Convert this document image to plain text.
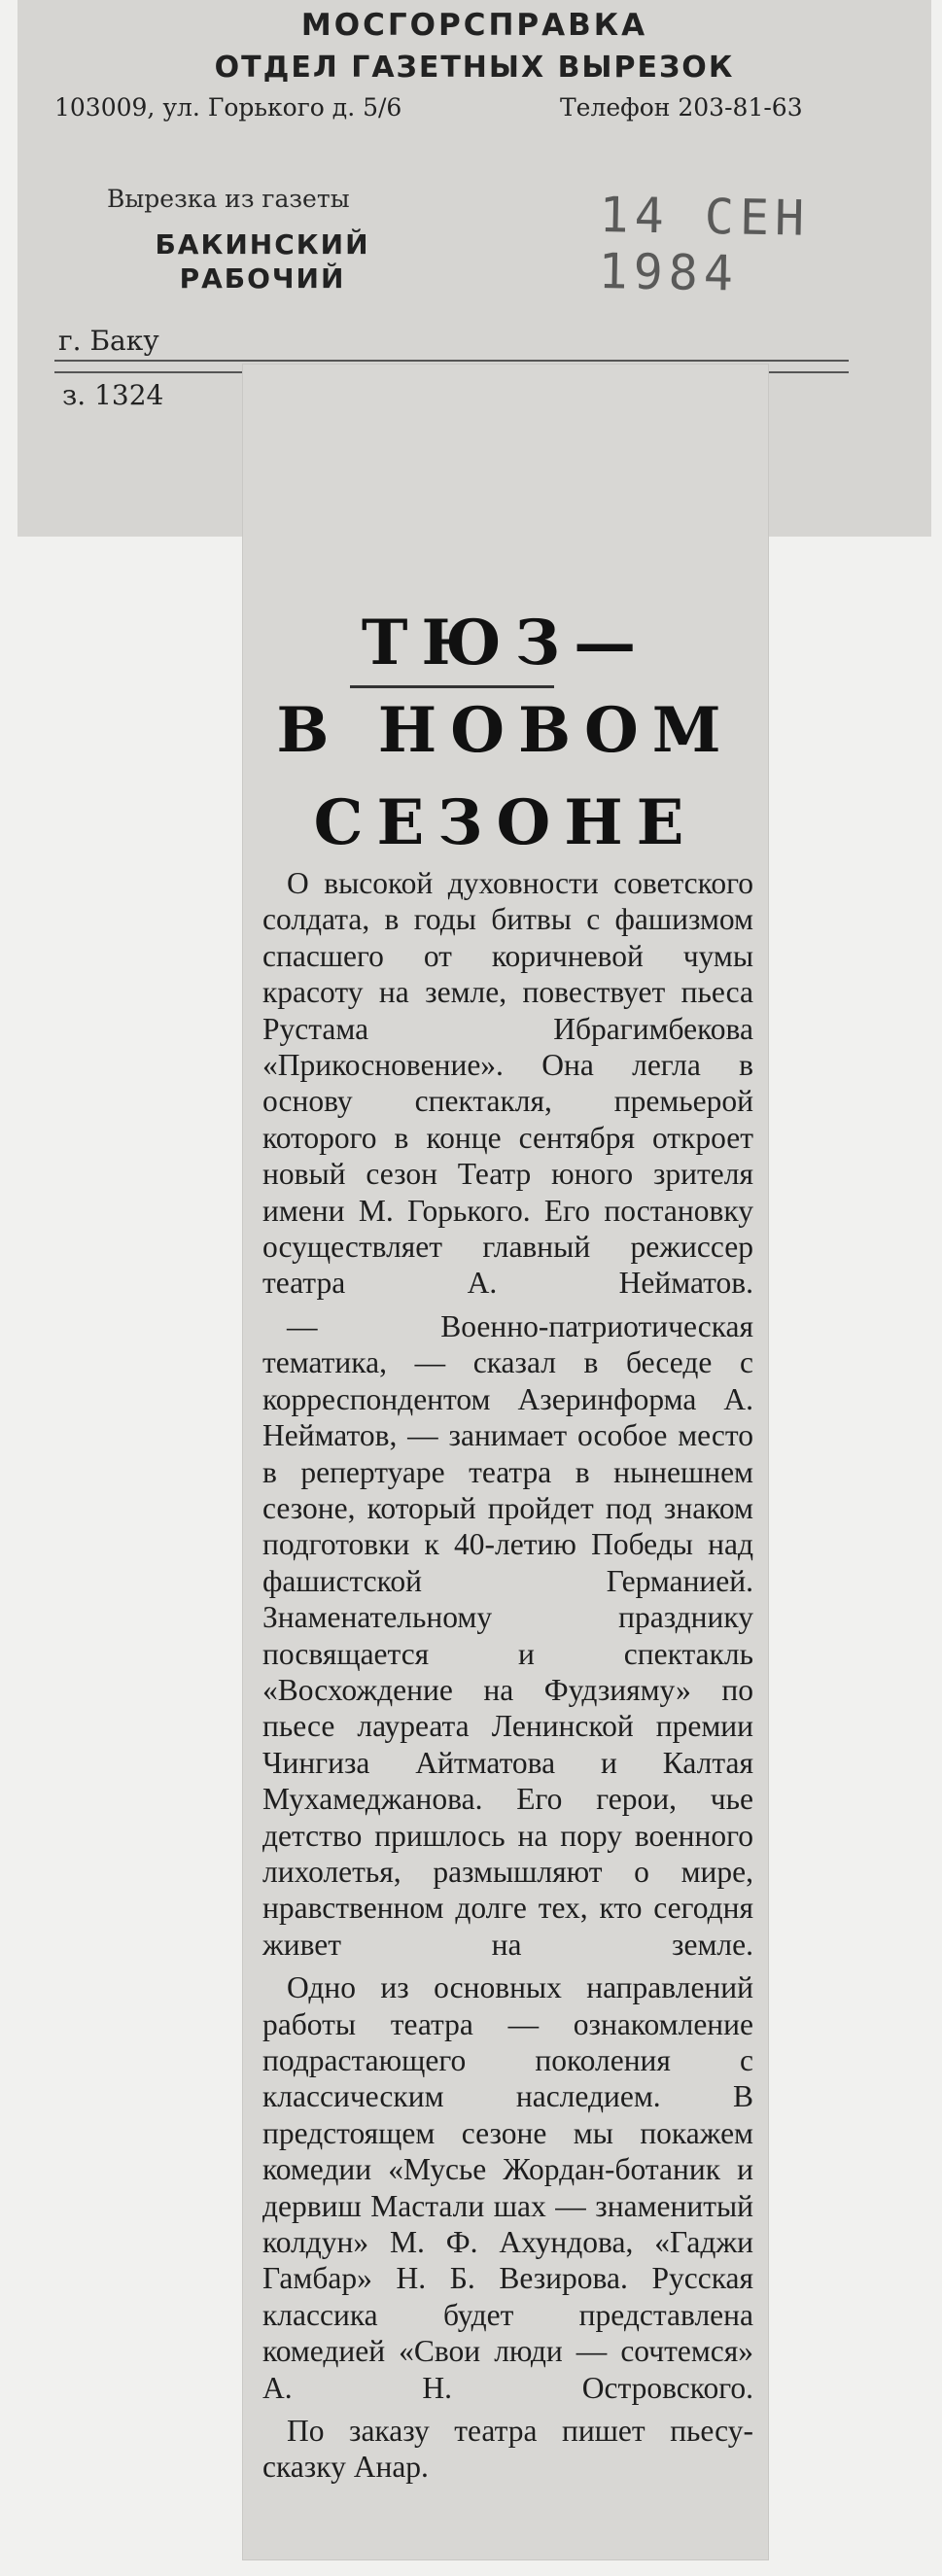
МОСГОРСПРАВКА
ОТДЕЛ ГАЗЕТНЫХ ВЫРЕЗОК
103009, ул. Горького д. 5/6	Телефон 203-81-63
Вырезка из газеты
БАКИНСКИЙ
РАБОЧИЙ
14 СЕН 1984
г. Баку
з. 1324
ТЮЗ—
В НОВОМ
СЕЗОНЕ

О высокой духовности советского солдата, в годы битвы с фашизмом спасшего от коричневой чумы красоту на земле, повествует пьеса Рустама Ибрагимбекова «Прикосновение». Она легла в основу спектакля, премьерой которого в конце сентября откроет новый сезон Театр юного зрителя имени М. Горького. Его постановку осуществляет главный режиссер театра А. Нейматов.

— Военно-патриотическая тематика, — сказал в беседе с корреспондентом Азеринформа А. Нейматов, — занимает особое место в репертуаре театра в нынешнем сезоне, который пройдет под знаком подготовки к 40-летию Победы над фашистской Германией. Знаменательному празднику посвящается и спектакль «Восхождение на Фудзияму» по пьесе лауреата Ленинской премии Чингиза Айтматова и Калтая Мухамеджанова. Его герои, чье детство пришлось на пору военного лихолетья, размышляют о мире, нравственном долге тех, кто сегодня живет на земле.

Одно из основных направлений работы театра — ознакомление подрастающего поколения с классическим наследием. В предстоящем сезоне мы покажем комедии «Мусье Жордан-ботаник и дервиш Мастали шах — знаменитый колдун» М. Ф. Ахундова, «Гаджи Гамбар» Н. Б. Везирова. Русская классика будет представлена комедией «Свои люди — сочтемся» А. Н. Островского.

По заказу театра пишет пьесу-сказку Анар.
